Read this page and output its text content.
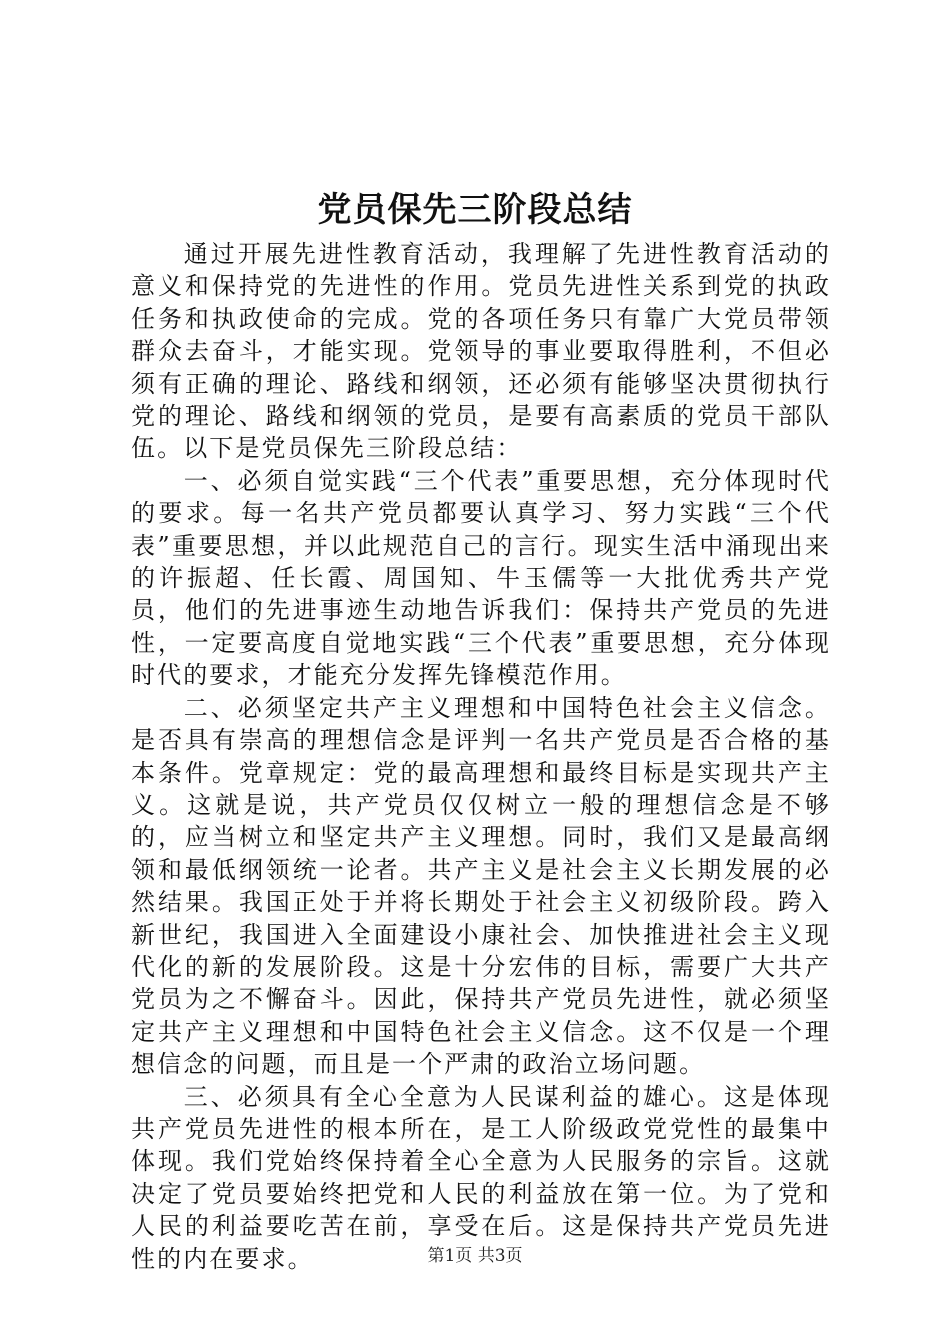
党员保先三阶段总结

通过开展先进性教育活动，我理解了先进性教育活动的意义和保持党的先进性的作用。党员先进性关系到党的执政任务和执政使命的完成。党的各项任务只有靠广大党员带领群众去奋斗，才能实现。党领导的事业要取得胜利，不但必须有正确的理论、路线和纲领，还必须有能够坚决贯彻执行党的理论、路线和纲领的党员，是要有高素质的党员干部队伍。以下是党员保先三阶段总结：

一、必须自觉实践“三个代表”重要思想，充分体现时代的要求。每一名共产党员都要认真学习、努力实践“三个代表”重要思想，并以此规范自己的言行。现实生活中涌现出来的许振超、任长霞、周国知、牛玉儒等一大批优秀共产党员，他们的先进事迹生动地告诉我们：保持共产党员的先进性，一定要高度自觉地实践“三个代表”重要思想，充分体现时代的要求，才能充分发挥先锋模范作用。

二、必须坚定共产主义理想和中国特色社会主义信念。是否具有崇高的理想信念是评判一名共产党员是否合格的基本条件。党章规定：党的最高理想和最终目标是实现共产主义。这就是说，共产党员仅仅树立一般的理想信念是不够的，应当树立和坚定共产主义理想。同时，我们又是最高纲领和最低纲领统一论者。共产主义是社会主义长期发展的必然结果。我国正处于并将长期处于社会主义初级阶段。跨入新世纪，我国进入全面建设小康社会、加快推进社会主义现代化的新的发展阶段。这是十分宏伟的目标，需要广大共产党员为之不懈奋斗。因此，保持共产党员先进性，就必须坚定共产主义理想和中国特色社会主义信念。这不仅是一个理想信念的问题，而且是一个严肃的政治立场问题。

三、必须具有全心全意为人民谋利益的雄心。这是体现共产党员先进性的根本所在，是工人阶级政党党性的最集中体现。我们党始终保持着全心全意为人民服务的宗旨。这就决定了党员要始终把党和人民的利益放在第一位。为了党和人民的利益要吃苦在前，享受在后。这是保持共产党员先进性的内在要求。	第1页 共3页
